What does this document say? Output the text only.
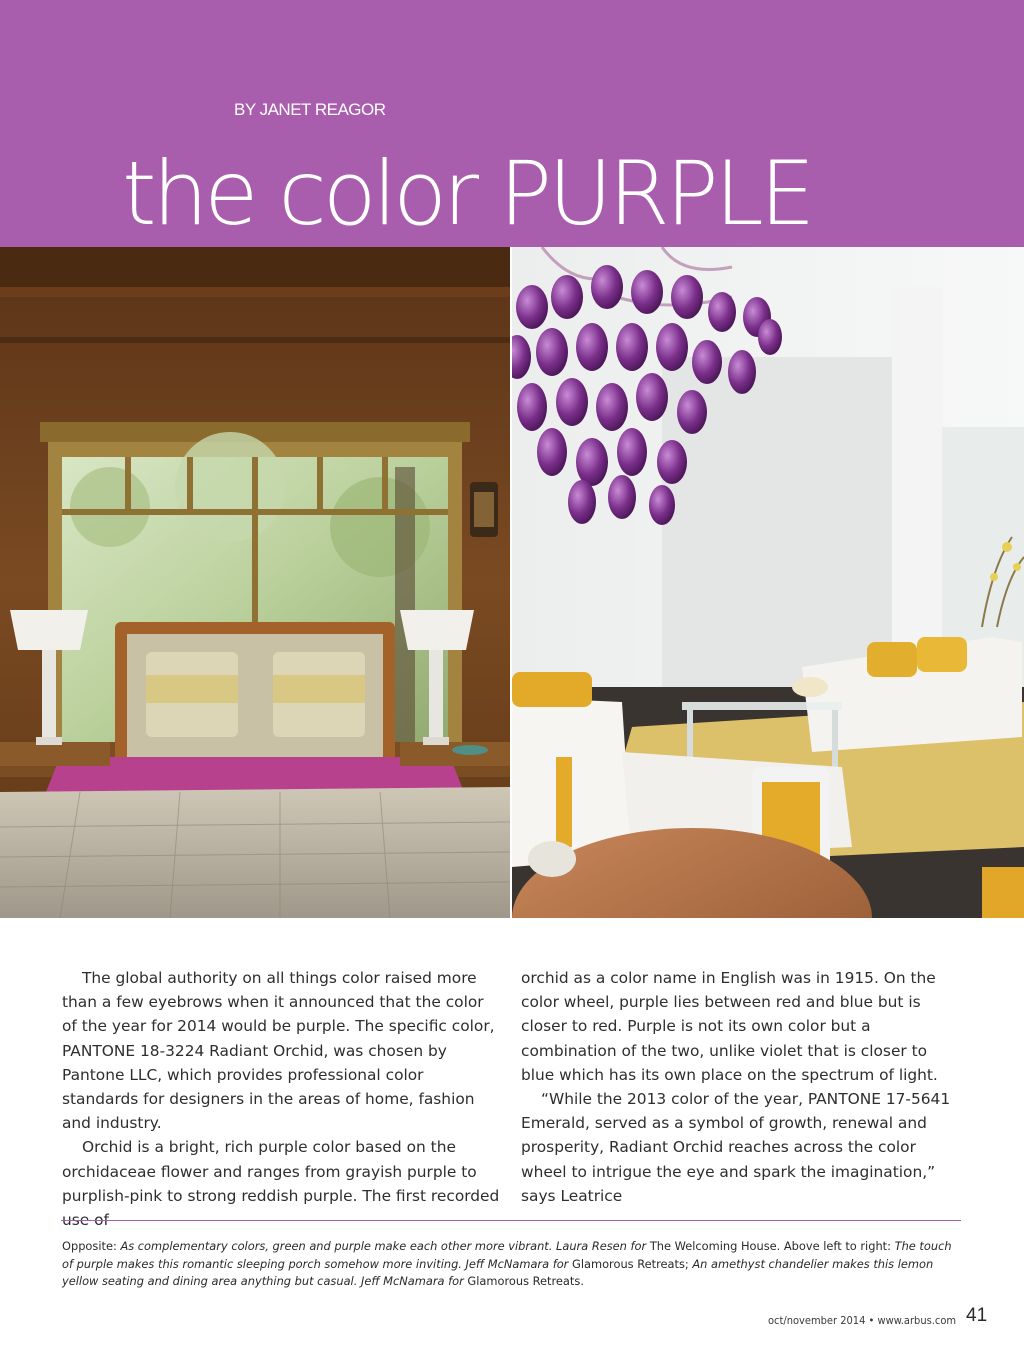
BY JANET REAGOR
the color PURPLE

The global authority on all things color raised more than a few eyebrows when it announced that the color of the year for 2014 would be purple. The specific color, PANTONE 18-3224 Radiant Orchid, was chosen by Pantone LLC, which provides professional color standards for designers in the areas of home, fashion and industry.

Orchid is a bright, rich purple color based on the orchidaceae flower and ranges from grayish purple to purplish-pink to strong reddish purple. The first recorded use of

orchid as a color name in English was in 1915. On the color wheel, purple lies between red and blue but is closer to red. Purple is not its own color but a combination of the two, unlike violet that is closer to blue which has its own place on the spectrum of light.

“While the 2013 color of the year, PANTONE 17-5641 Emerald, served as a symbol of growth, renewal and prosperity, Radiant Orchid reaches across the color wheel to intrigue the eye and spark the imagination,” says Leatrice

Opposite: As complementary colors, green and purple make each other more vibrant. Laura Resen for The Welcoming House. Above left to right: The touch of purple makes this romantic sleeping porch somehow more inviting. Jeff McNamara for Glamorous Retreats; An amethyst chandelier makes this lemon yellow seating and dining area anything but casual. Jeff McNamara for Glamorous Retreats.
oct/november 2014 • www.arbus.com 41
